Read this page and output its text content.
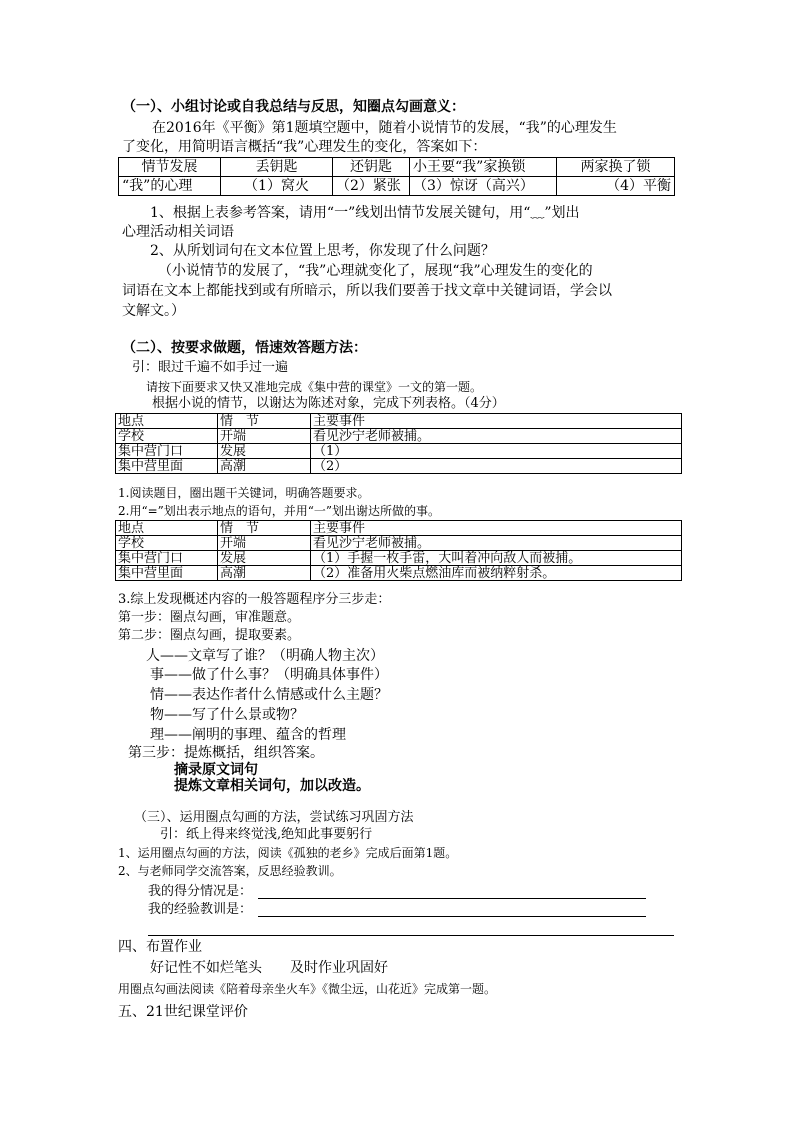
（一）、小组讨论或自我总结与反思，知圈点勾画意义：
在2016年《平衡》第1题填空题中，随着小说情节的发展，“我”的心理发生
了变化，用简明语言概括“我”心理发生的变化，答案如下：
情节发展	丢钥匙	还钥匙	小王要“我”家换锁	两家换了锁
“我”的心理	（1）窝火	（2）紧张	（3）惊讶（高兴）	（4）平衡
1、根据上表参考答案，请用“一”线划出情节发展关键句，用“﹏”划出
心理活动相关词语
2、从所划词句在文本位置上思考，你发现了什么问题？
（小说情节的发展了，“我”心理就变化了，展现“我”心理发生的变化的
词语在文本上都能找到或有所暗示，所以我们要善于找文章中关键词语，学会以
文解文。）
（二）、按要求做题，悟速效答题方法：
引：眼过千遍不如手过一遍
请按下面要求又快又准地完成《集中营的课堂》一文的第一题。
根据小说的情节，以谢达为陈述对象，完成下列表格。（4分）
地点	情　节	主要事件
学校	开端	看见沙宁老师被捕。
集中营门口	发展	（1）
集中营里面	高潮	（2）
1.阅读题目，圈出题干关键词，明确答题要求。
2.用“=”划出表示地点的语句，并用“一”划出谢达所做的事。
地点	情　节	主要事件
学校	开端	看见沙宁老师被捕。
集中营门口	发展	（1）手握一枚手雷，大叫着冲向敌人而被捕。
集中营里面	高潮	（2）准备用火柴点燃油库而被纳粹射杀。
3.综上发现概述内容的一般答题程序分三步走：
第一步：圈点勾画，审准题意。
第二步：圈点勾画，提取要素。
人——文章写了谁？（明确人物主次）
事——做了什么事？（明确具体事件）
情——表达作者什么情感或什么主题？
物——写了什么景或物？
理——阐明的事理、蕴含的哲理
第三步：提炼概括，组织答案。
摘录原文词句
提炼文章相关词句，加以改造。
（三）、运用圈点勾画的方法，尝试练习巩固方法
引：纸上得来终觉浅,绝知此事要躬行
1、运用圈点勾画的方法，阅读《孤独的老乡》完成后面第1题。
2、与老师同学交流答案，反思经验教训。
我的得分情况是：
我的经验教训是：
四、布置作业
好记性不如烂笔头　　及时作业巩固好
用圈点勾画法阅读《陪着母亲坐火车》《微尘远，山花近》完成第一题。
五、21世纪课堂评价
